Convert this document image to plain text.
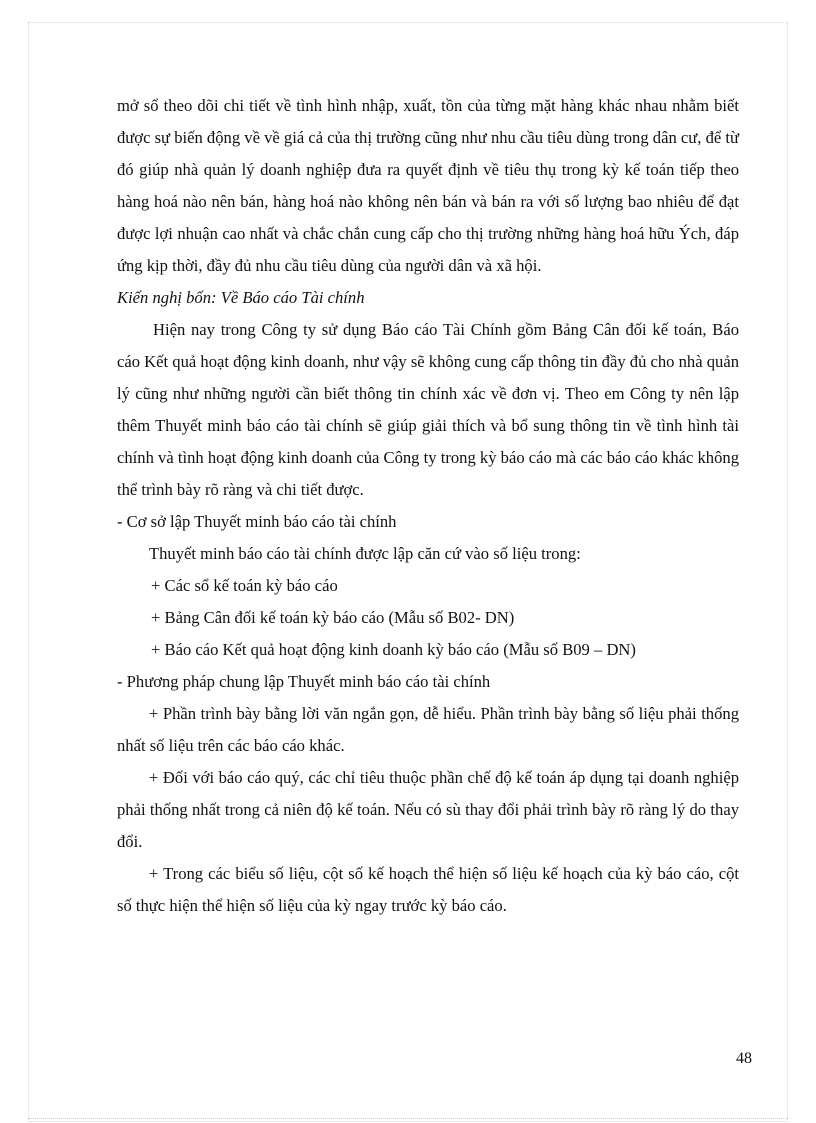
mở sổ theo dõi chi tiết về tình hình nhập, xuất, tồn của từng mặt hàng khác nhau nhằm biết được sự biến động về về giá cả của thị trường cũng như nhu cầu tiêu dùng trong dân cư, để từ đó giúp nhà quản lý doanh nghiệp đưa ra quyết định về tiêu thụ trong kỳ kế toán tiếp theo hàng hoá nào nên bán, hàng hoá nào không nên bán và bán ra với số lượng bao nhiêu để đạt được lợi nhuận cao nhất và chắc chắn cung cấp cho thị trường những hàng hoá hữu Ých, đáp ứng kịp thời, đầy đủ nhu cầu tiêu dùng của người dân và xã hội.

Kiến nghị bốn: Về Báo cáo Tài chính

Hiện nay trong Công ty sử dụng Báo cáo Tài Chính gồm Bảng Cân đối kế toán, Báo cáo Kết quả hoạt động kinh doanh, như vậy sẽ không cung cấp thông tin đầy đủ cho nhà quản lý cũng như những người cần biết thông tin chính xác về đơn vị. Theo em Công ty nên lập thêm Thuyết minh báo cáo tài chính sẽ giúp giải thích và bổ sung thông tin về tình hình tài chính và tình hoạt động kinh doanh của Công ty trong kỳ báo cáo mà các báo cáo khác không thể trình bày rõ ràng và chi tiết được.

- Cơ sở lập Thuyết minh báo cáo tài chính

Thuyết minh báo cáo tài chính được lập căn cứ vào số liệu trong:

+ Các sổ kế toán kỳ báo cáo

+ Bảng Cân đối kế toán kỳ báo cáo (Mẫu số B02- DN)

+ Báo cáo Kết quả hoạt động kinh doanh kỳ báo cáo (Mẫu số B09 – DN)

- Phương pháp chung lập Thuyết minh báo cáo tài chính

+ Phần trình bày bằng lời văn ngắn gọn, dễ hiểu. Phần trình bày bằng số liệu phải thống nhất số liệu trên các báo cáo khác.

+ Đối với báo cáo quý, các chỉ tiêu thuộc phần chế độ kế toán áp dụng tại doanh nghiệp phải thống nhất trong cả niên độ kế toán. Nếu có sù thay đổi phải trình bày rõ ràng lý do thay đổi.

+ Trong các biểu số liệu, cột số kế hoạch thể hiện số liệu kế hoạch của kỳ báo cáo, cột số thực hiện thể hiện số liệu của kỳ ngay trước kỳ báo cáo.

48
